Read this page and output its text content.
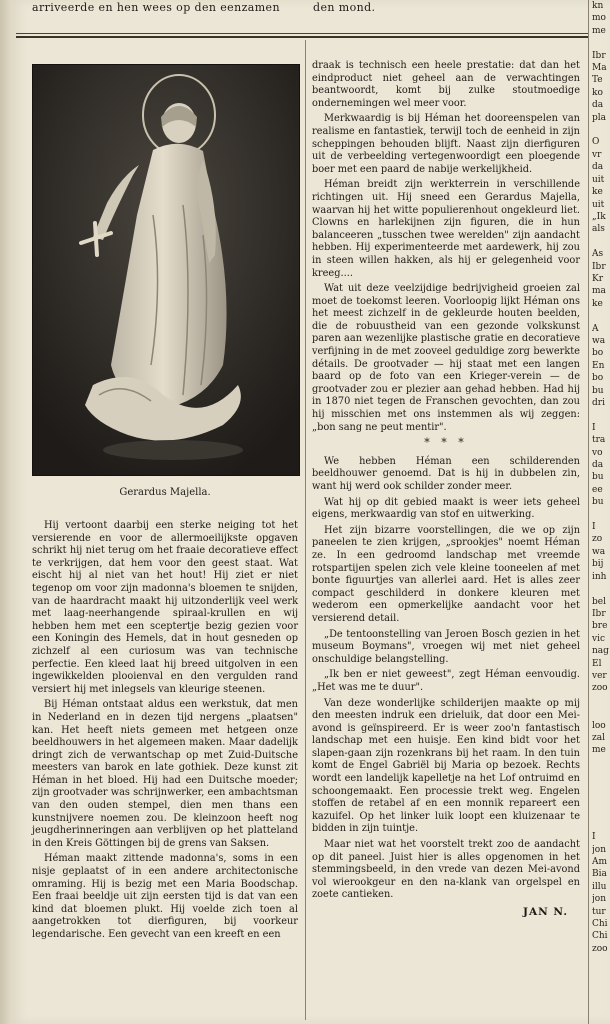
arriveerde en hen wees op den eenzamen	den mond.
Gerardus Majella.

Hij vertoont daarbij een sterke neiging tot het versierende en voor de allermoeilijkste opgaven schrikt hij niet terug om het fraaie decoratieve effect te verkrijgen, dat hem voor den geest staat. Wat eischt hij al niet van het hout! Hij ziet er niet tegenop om voor zijn madonna's bloemen te snijden, van de haardracht maakt hij uitzonderlijk veel werk met laag-neerhangende spiraal-krullen en wij hebben hem met een sceptertje bezig gezien voor een Koningin des Hemels, dat in hout gesneden op zichzelf al een curiosum was van technische perfectie. Een kleed laat hij breed uitgolven in een ingewikkelden plooienval en den vergulden rand versiert hij met inlegsels van kleurige steenen.

Bij Héman ontstaat aldus een werkstuk, dat men in Nederland en in dezen tijd nergens „plaatsen" kan. Het heeft niets gemeen met hetgeen onze beeldhouwers in het algemeen maken. Maar dadelijk dringt zich de verwantschap op met Zuid-Duitsche meesters van barok en late gothiek. Deze kunst zit Héman in het bloed. Hij had een Duitsche moeder; zijn grootvader was schrijnwerker, een ambachtsman van den ouden stempel, dien men thans een kunstnijvere noemen zou. De kleinzoon heeft nog jeugdherinneringen aan verblijven op het platteland in den Kreis Göttingen bij de grens van Saksen.

Héman maakt zittende madonna's, soms in een nisje geplaatst of in een andere architectonische omraming. Hij is bezig met een Maria Boodschap. Een fraai beeldje uit zijn eersten tijd is dat van een kind dat bloemen plukt. Hij voelde zich toen al aangetrokken tot dierfiguren, bij voorkeur legendarische. Een gevecht van een kreeft en een

draak is technisch een heele prestatie: dat dan het eindproduct niet geheel aan de verwachtingen beantwoordt, komt bij zulke stoutmoedige ondernemingen wel meer voor.

Merkwaardig is bij Héman het dooreenspelen van realisme en fantastiek, terwijl toch de eenheid in zijn scheppingen behouden blijft. Naast zijn dierfiguren uit de verbeelding vertegenwoordigt een ploegende boer met een paard de nabije werkelijkheid.

Héman breidt zijn werkterrein in verschillende richtingen uit. Hij sneed een Gerardus Majella, waarvan hij het witte populierenhout ongekleurd liet. Clowns en harlekijnen zijn figuren, die in hun balanceeren „tusschen twee werelden" zijn aandacht hebben. Hij experimenteerde met aardewerk, hij zou in steen willen hakken, als hij er gelegenheid voor kreeg....

Wat uit deze veelzijdige bedrijvigheid groeien zal moet de toekomst leeren. Voorloopig lijkt Héman ons het meest zichzelf in de gekleurde houten beelden, die de robuustheid van een gezonde volkskunst paren aan wezenlijke plastische gratie en decoratieve verfijning in de met zooveel geduldige zorg bewerkte détails. De grootvader — hij staat met een langen baard op de foto van een Krieger-verein — de grootvader zou er plezier aan gehad hebben. Had hij in 1870 niet tegen de Franschen gevochten, dan zou hij misschien met ons instemmen als wij zeggen: „bon sang ne peut mentir".

* * *

We hebben Héman een schilderenden beeldhouwer genoemd. Dat is hij in dubbelen zin, want hij werd ook schilder zonder meer.

Wat hij op dit gebied maakt is weer iets geheel eigens, merkwaardig van stof en uitwerking.

Het zijn bizarre voorstellingen, die we op zijn paneelen te zien krijgen, „sprookjes" noemt Héman ze. In een gedroomd landschap met vreemde rotspartijen spelen zich vele kleine tooneelen af met bonte figuurtjes van allerlei aard. Het is alles zeer compact geschilderd in donkere kleuren met wederom een opmerkelijke aandacht voor het versierend detail.

„De tentoonstelling van Jeroen Bosch gezien in het museum Boymans", vroegen wij met niet geheel onschuldige belangstelling.

„Ik ben er niet geweest", zegt Héman eenvoudig. „Het was me te duur".

Van deze wonderlijke schilderijen maakte op mij den meesten indruk een drieluik, dat door een Mei-avond is geïnspireerd. Er is weer zoo'n fantastisch landschap met een huisje. Een kind bidt voor het slapen-gaan zijn rozenkrans bij het raam. In den tuin komt de Engel Gabriël bij Maria op bezoek. Rechts wordt een landelijk kapelletje na het Lof ontruimd en schoongemaakt. Een processie trekt weg. Engelen stoffen de retabel af en een monnik repareert een kazuifel. Op het linker luik loopt een kluizenaar te bidden in zijn tuintje.

Maar niet wat het voorstelt trekt zoo de aandacht op dit paneel. Juist hier is alles opgenomen in het stemmingsbeeld, in den vrede van dezen Mei-avond vol wierookgeur en den na-klank van orgelspel en zoete cantieken.

JAN N.
kn
mo
me

Ibr
Ma
Te
ko
da
pla

O
vr
da
uit
ke
uit
„Ik
als

As
Ibr
Kr
ma
ke

A
wa
bo
En
bo
bu
dri

I
tra
vo
da
bu
ee
bu

I
zo
wa
bij
inh

bel
Ibr
bre
vic
nag
El
ver
zoo

loo
zal
me

I
jon
Am
Bia
illu
jon
tur
Chi
Chi
zoo
